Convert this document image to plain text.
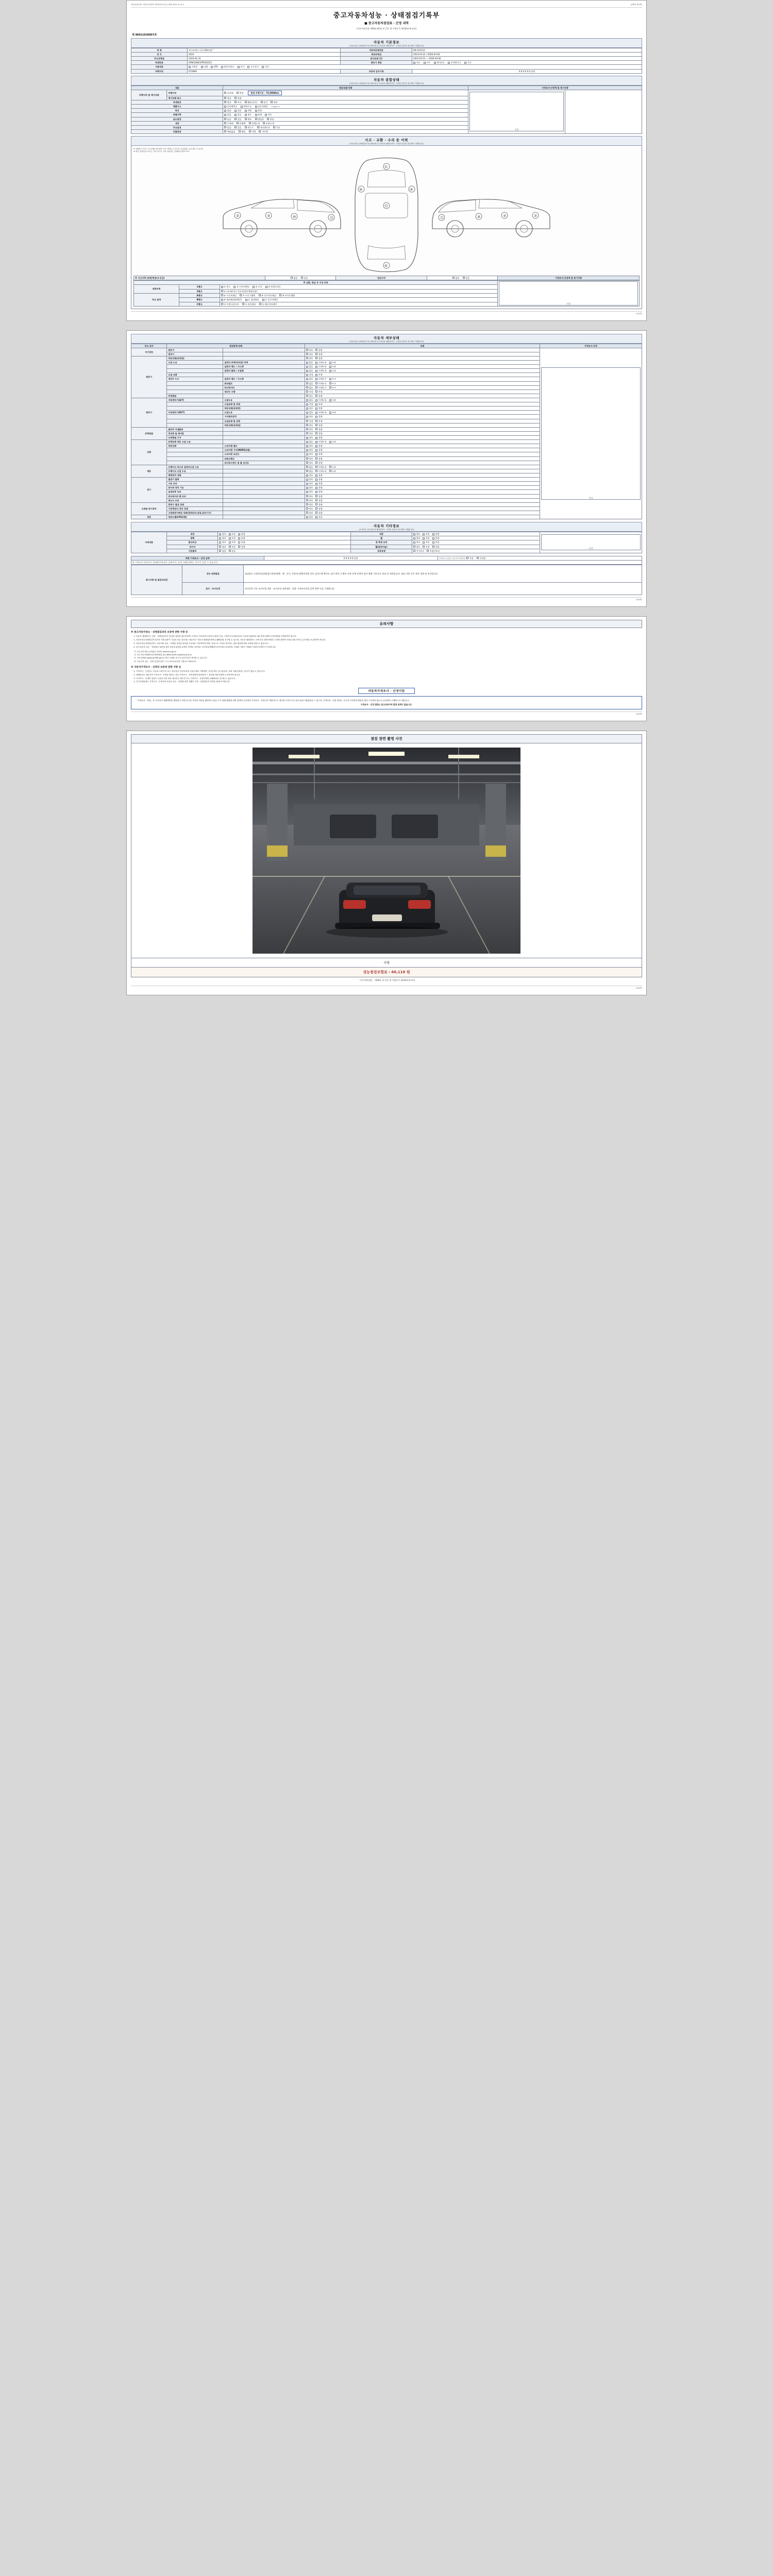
자동차관리법 시행규칙 [별지 제120호서식] <개정 2021.11.9.>	(3쪽중 제1쪽)
중고자동차성능 · 상태점검기록부
■ 중고자동차점검표 · 산정 내역
(자동차관리법 제58조제1항 및 같은 법 시행규칙 제120조에 따라)
제 9601(0)008자호
자동차 기본정보
(자동차성능·상태점검자 및 제3자에 중고자동차 매매업자가 · 산정을 점검자 경우에만 기재합니다)
차 명	폭스바겐스 티구안W모델 *	자동차등록번호	60머41133
연 식	2023	최초등록일	2023-03-21 / 2026-03-00
주소등록일	2023-01-31	검사유효기간	2023-03-21 ~ 2026-03-00
차대번호	KFNCKAKE1PP202023	변속기 종류	자동 수동 세미오토 무단변속기 기타
사용연료	가솔린 디젤 LPG 하이브리드 전기 수소전기 기타		
주행거리	67296O	자동차 검사기록	0 0 0 0 0 0 만원
자동차 종합상태
(자동차성능·상태점검자 및 제3자에 중고자동차 매매업자가 · 산정을 점검자 경우에만 기재합니다)
내용		점검내용/상태	가격조사·산정액 및 특기사항	
주행거리 및 계기상태	주행거리	실주행 변경 현재 주행거리 : 70,0999km	인정	

	계기상태 표시	양호 불량		
차대번호		양호 부식 훼손(오손) 상이 변조		
배출가스		일산화탄소 탄화수소 질소산화물 % ppm %		
튜닝		없음 있음 적법 불법		
특별이력		없음 있음 침수 화재 전손		
용도변경		없음 있음 렌트 영업용 관용		
색상		무채색 유채색 전체도색 부분도색		
주요옵션		없음 있음 썬루프 내비게이션 기타		
리콜대상		해당없음 해당 이행 미이행		
사고 · 교환 · 수리 등 이력
(자동차성능·상태점검자 및 제3자에 중고자동차 매매업자가 · 산정을 점검자 경우에만 기재합니다)
※ 상태표시 부호 : X (교환), W (판금 또는 용접), C (부식), A (흠집), U (요철), T (손상)
※ 하단 입력부분 표시는 기준으로서, 기타 자동차는 상태에 준하여 표시
③
②	⑩	⑬
①
⑫
④
⑨	⑨
③	②
⑩
⑬
※ 사고이력 (외판/판넬 4 등급)	없음	있음	단순수리	없음	있음	가격조사·산정액 및 특기사항
※ 교환, 판금 등 이상 부위			인정

외판부위	1랭크	① 후드 ② 프론트펜더 ③ 도어 ④ 트렁크리드	
	2랭크	⑤ 라디에이터 서포트(볼트체결부품)	
주요 골격	A랭크	⑥ 프론트패널 ⑦ 크로스멤버 ⑧ 인사이드패널 ⑨ 사이드멤버	
	B랭크	⑩ 필러패널(A,B,C) ⑪ 대쉬패널 ⑫ 플로어패널	
	C랭크	⑬ 트렁크플로어 ⑭ 리어패널 ⑮ 패키지트레이	
(1/4쪽)
자동차 세부상태
(자동차성능·상태점검자 및 제3자에 중고자동차 매매업자가 · 산정을 점검자 경우에만 기재합니다)
주요 검사	점검항목/상태		상태	가격조사·산정
자기진단	원동기		양호 불량	인정

	변속기		양호 불량	
원동기	작동상태(공회전)		양호 불량	
	오일 누유	실린더 커버(로커암) 커버	없음 미세누유 누유	
		실린더 헤드 / 가스켓	없음 미세누유 누유	
		실린더 블록 / 오일팬	없음 미세누유 누유	
	오일 유량		적정 부족	
	냉각수 누수	실린더 헤드 / 가스켓	없음 미세누수 누수	
		워터펌프	없음 미세누수 누수	
		라디에이터	없음 미세누수 누수	
		냉각수 수량	적정 부족	
	커먼레일		양호 불량	
변속기	자동변속기(A/T)	오일누유	없음 미세누유 누유	
		오일유량 및 상태	적정 부족	
		작동상태(공회전)	양호 불량	
	수동변속기(M/T)	오일누유	없음 미세누유 누유	
		기어변속장치	양호 불량	
		오일유량 및 상태	적정 부족	
		작동상태(공회전)	양호 불량	
동력전달	클러치 어셈블리		양호 불량	
	추진축 및 베어링		양호 불량	
	디퍼렌셜 기어		양호 불량	
조향	동력조향 작동 오일 누유		없음 미세누유 누유	
	작동상태	스티어링 펌프	양호 불량	
		스티어링 기어(MDPS포함)	양호 불량	
		스티어링 조인트	양호 불량	
		파워크랭크	양호 불량	
		타이로드엔드 및 볼 조인트	양호 불량	
제동	브레이크 마스터 실린더오일 누유		없음 미세누유 누유	
	브레이크 오일 누유		없음 미세누유 누유	
	배력장치 상태		양호 불량	
전기	발전기 출력		양호 불량	
	시동 모터		양호 불량	
	와이퍼 장치 기능		양호 불량	
	실내송풍 모터		양호 불량	
	라디에이터 팬 모터		양호 불량	
	윈도우 모터		양호 불량	
고전원 전기장치	충전구 절연 상태		양호 불량	
	구동축전지 격리 상태		양호 불량	
	고전원전기배선 상태(접속단자,피복,보호기구)		양호 불량	
연료	연료누출(LPG포함)		없음 있음	
자동차 기타정보
(※ 항목은 중고자동차 매매업자가 · 산정을 점검자 경우에만 기재합니다)
사내내용	외장	양호 보통 불량	내장	양호 보통 불량	인정

	광택	양호 보통 불량	휠	양호 보통 불량	
	룸크리닝	양호 보통 불량	전·후면 유리	양호 보통 불량	
	타이어	양호 보통 불량	휠(알루미늄)	양호 보통 불량	
	기본품목	없음 있음	보증유형	자가보증 보험사보증	
최종 가격조사 · 산정 금액	0 0 0 0 0 만원	가격조사·산정자 기준가액 적용여부 적용	미적용
※ 가격조사·산정자의 상태평가에 따른 금액이며, 실제 거래금액과는 차이가 있을 수 있습니다.
특기사항 및 점검자의견	성능·상태점검	점검장소 도장/마감상태/검사결과/대체 · 매 · 신기, 주요/손상/확인작업 공통 검사수행 확인도 검사 항목 기 확인 사항 등에 준하여 검사 방법 기준으로 점검 한 내용입니다. 점검 사항 기준 적용 내용 및 조건입니다.
	검사 · 조사산정	조사산정 기준 조사산정 내용 · 조사산정 적용내용 · 최종 가격조사산정 금액 내역 등을 기재합니다.
(2/4쪽)
유의사항
※ 중고자동차성능 · 상태점검과의 보증에 관한 사항 등
1. 자동차 매매업자는 성능 · 상태점검자가 점검한 내용을 매수인에게 고지하고 자동차인도일부터 30일 이상, 주행거리 2천킬로미터 이상의 범위에서 매수인에 대하여 보증책임을 이행하여야 합니다.
2. 자동차성능상태점검기록부의 기재 내용이 사실과 다른 경우에는 매수인은 자동차 매매업자에게 손해배상을 청구할 수 있으며, 자동차 매매업자는 보증기간 내에 발생한 고장에 대하여 보증수리를 하거나 수리비를 지급하여야 합니다.
3. 자동차성능상태점검자는 자동차의 성능 · 상태를 점검한 결과를 사실대로 기록하여야 하며, 거짓으로 기록한 경우에는 관련 법령에 따라 처벌을 받을 수 있습니다.
4. 중고자동차 성능 · 상태점검 내용에 대한 보증과 관련한 분쟁이 발생한 경우에는 소비자분쟁해결기준에 따라 처리하며, 자세한 사항은 아래의 기관에 문의하시기 바랍니다.
가. 한국소비자원 (국번없이 1372) www.kca.go.kr
나. 전국자동차매매사업조합연합회 (02-3663-4000) www.kuca.or.kr
다. 자동차365 (www.car365.go.kr) 에서 실매물 검사 및 점검기록부 확인할 수 있습니다.
라. 자동차의 성능 · 상태 점검에 관한 고시 (자동차관리법 시행규칙 제120조)
※ 자동차가격조사 · 산정의 보증에 관한 사항 등
1. 가격조사 · 산정자는 자동차 보증기간 또는 성능점검 기준에 따라 산정금액을 기재하며, 산정금액은 참고용이며, 실제 거래금액과는 차이가 있을 수 있습니다.
2. 매매업자는 매수인이 가격조사 · 산정을 원하는 경우 가격조사 · 산정자에게 의뢰하여 그 결과를 매수인에게 고지하여야 합니다.
3. 가격조사 · 산정의 내용이 사실과 다를 경우 매수인은 매도인 또는 가격조사 · 산정자에게 손해배상을 청구할 수 있습니다.
4. 특기사항란에는 가격조사 · 산정자의 자동차 성능 · 상태에 대한 견해가 산정 · 상태점검자 의견을 함께 표기합니다.
자동차가격조사 · 산정이란
「가격조사 · 산정」은 소비자가 매매계약을 체결하기 전에 중고차 가격의 적정성 판단에 도움을 주기 위해 법령에 의한 절차에 기준하여 가격조사 · 산정자가 객관적으로 제시한 가격으로서 참고자료로 활용하실 수 있으며, 가격조사 · 산정 결과는 중고차 가격하락 판단의 법적 구속력은 없으니 유의하여 구매하시기 바랍니다.
가격조사 · 산정 결과는 참고자료이며 법적 효력이 없습니다.
(3/4쪽)
점검 장면 촬영 사진
서명
성능점검보험료 : 66,110 원
「자동차관리법」 제58조 및 같은 법 시행규칙 제120조에 따라
(4/4쪽)
